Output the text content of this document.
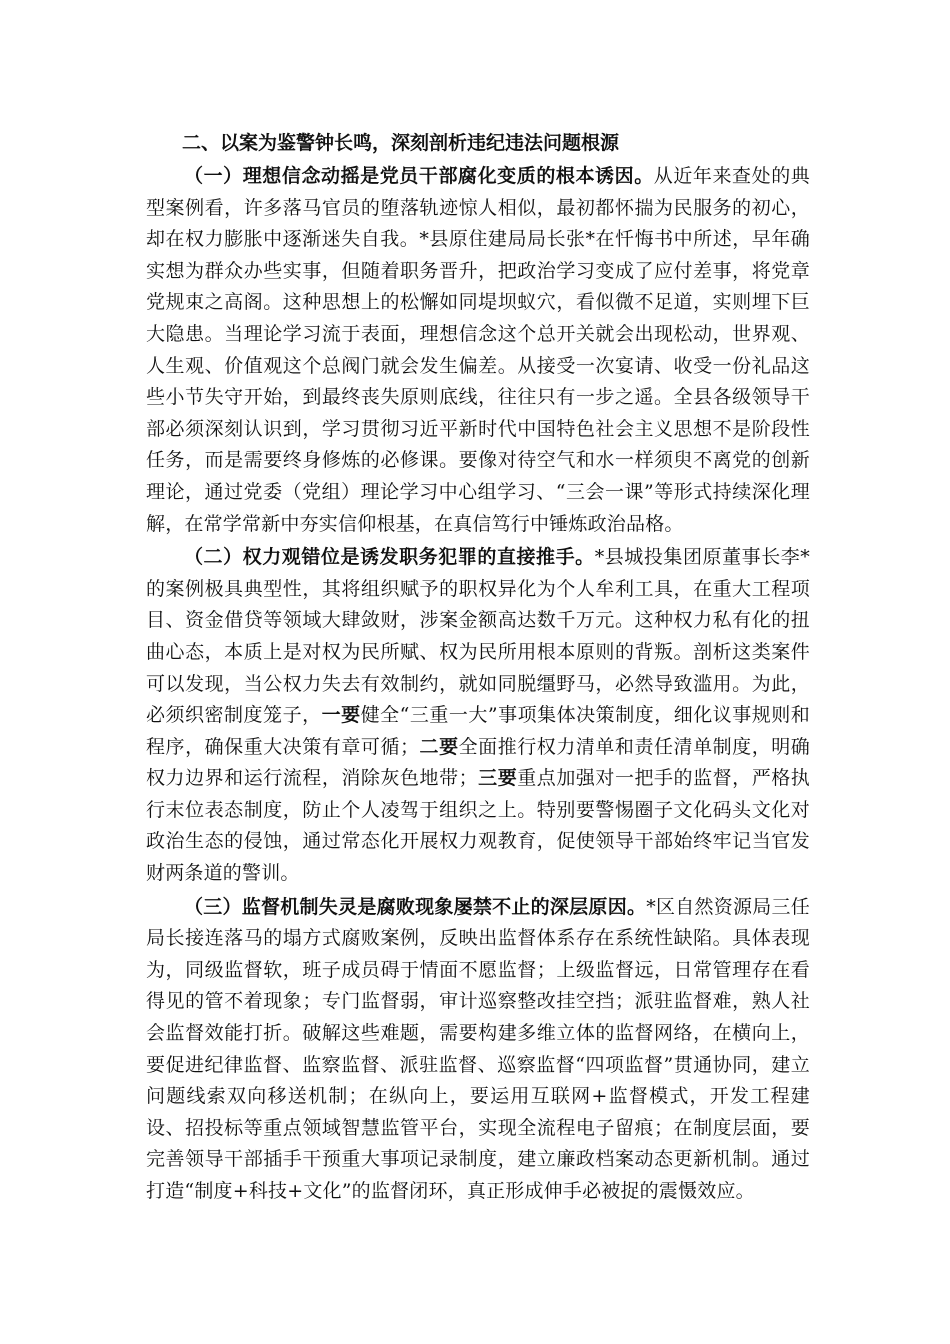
二、以案为鉴警钟长鸣，深刻剖析违纪违法问题根源

（一）理想信念动摇是党员干部腐化变质的根本诱因。从近年来查处的典型案例看，许多落马官员的堕落轨迹惊人相似，最初都怀揣为民服务的初心，却在权力膨胀中逐渐迷失自我。*县原住建局局长张*在忏悔书中所述，早年确实想为群众办些实事，但随着职务晋升，把政治学习变成了应付差事，将党章党规束之高阁。这种思想上的松懈如同堤坝蚁穴，看似微不足道，实则埋下巨大隐患。当理论学习流于表面，理想信念这个总开关就会出现松动，世界观、人生观、价值观这个总阀门就会发生偏差。从接受一次宴请、收受一份礼品这些小节失守开始，到最终丧失原则底线，往往只有一步之遥。全县各级领导干部必须深刻认识到，学习贯彻习近平新时代中国特色社会主义思想不是阶段性任务，而是需要终身修炼的必修课。要像对待空气和水一样须臾不离党的创新理论，通过党委（党组）理论学习中心组学习、“三会一课”等形式持续深化理解，在常学常新中夯实信仰根基，在真信笃行中锤炼政治品格。

（二）权力观错位是诱发职务犯罪的直接推手。*县城投集团原董事长李*的案例极具典型性，其将组织赋予的职权异化为个人牟利工具，在重大工程项目、资金借贷等领域大肆敛财，涉案金额高达数千万元。这种权力私有化的扭曲心态，本质上是对权为民所赋、权为民所用根本原则的背叛。剖析这类案件可以发现，当公权力失去有效制约，就如同脱缰野马，必然导致滥用。为此，必须织密制度笼子，一要健全“三重一大”事项集体决策制度，细化议事规则和程序，确保重大决策有章可循；二要全面推行权力清单和责任清单制度，明确权力边界和运行流程，消除灰色地带；三要重点加强对一把手的监督，严格执行末位表态制度，防止个人凌驾于组织之上。特别要警惕圈子文化码头文化对政治生态的侵蚀，通过常态化开展权力观教育，促使领导干部始终牢记当官发财两条道的警训。

（三）监督机制失灵是腐败现象屡禁不止的深层原因。*区自然资源局三任局长接连落马的塌方式腐败案例，反映出监督体系存在系统性缺陷。具体表现为，同级监督软，班子成员碍于情面不愿监督；上级监督远，日常管理存在看得见的管不着现象；专门监督弱，审计巡察整改挂空挡；派驻监督难，熟人社会监督效能打折。破解这些难题，需要构建多维立体的监督网络，在横向上，要促进纪律监督、监察监督、派驻监督、巡察监督“四项监督”贯通协同，建立问题线索双向移送机制；在纵向上，要运用互联网+监督模式，开发工程建设、招投标等重点领域智慧监管平台，实现全流程电子留痕；在制度层面，要完善领导干部插手干预重大事项记录制度，建立廉政档案动态更新机制。通过打造“制度+科技+文化”的监督闭环，真正形成伸手必被捉的震慑效应。
